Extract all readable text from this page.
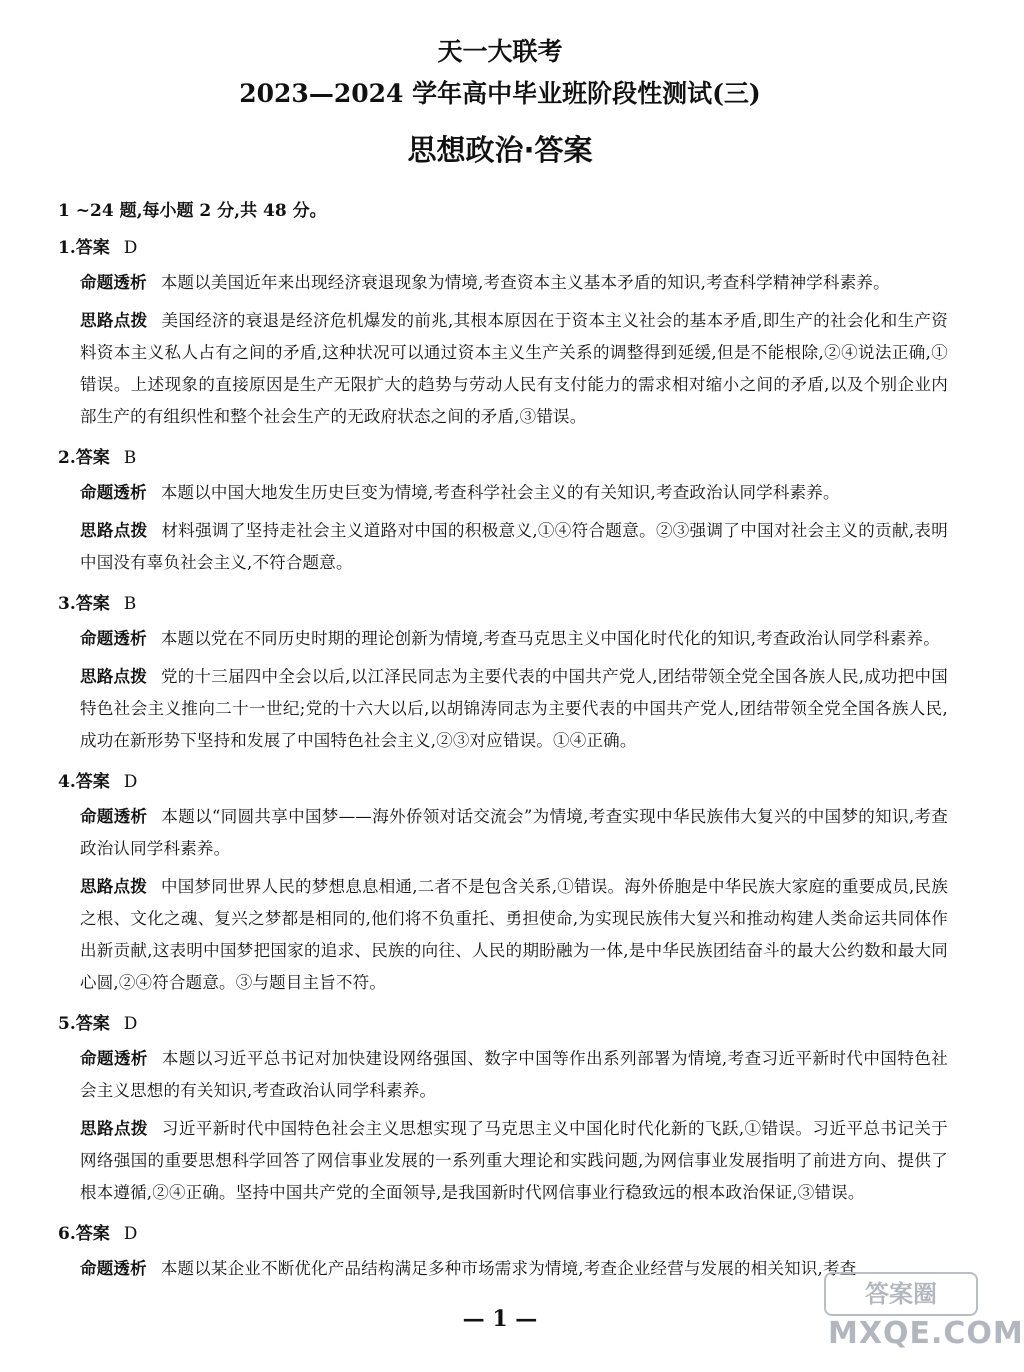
天一大联考
2023—2024 学年高中毕业班阶段性测试(三)
思想政治·答案
1 ~24 题,每小题 2 分,共 48 分。
1.答案 D
命题透析 本题以美国近年来出现经济衰退现象为情境,考查资本主义基本矛盾的知识,考查科学精神学科素养。
思路点拨 美国经济的衰退是经济危机爆发的前兆,其根本原因在于资本主义社会的基本矛盾,即生产的社会化和生产资料资本主义私人占有之间的矛盾,这种状况可以通过资本主义生产关系的调整得到延缓,但是不能根除,②④说法正确,①错误。上述现象的直接原因是生产无限扩大的趋势与劳动人民有支付能力的需求相对缩小之间的矛盾,以及个别企业内部生产的有组织性和整个社会生产的无政府状态之间的矛盾,③错误。
2.答案 B
命题透析 本题以中国大地发生历史巨变为情境,考查科学社会主义的有关知识,考查政治认同学科素养。
思路点拨 材料强调了坚持走社会主义道路对中国的积极意义,①④符合题意。②③强调了中国对社会主义的贡献,表明中国没有辜负社会主义,不符合题意。
3.答案 B
命题透析 本题以党在不同历史时期的理论创新为情境,考查马克思主义中国化时代化的知识,考查政治认同学科素养。
思路点拨 党的十三届四中全会以后,以江泽民同志为主要代表的中国共产党人,团结带领全党全国各族人民,成功把中国特色社会主义推向二十一世纪;党的十六大以后,以胡锦涛同志为主要代表的中国共产党人,团结带领全党全国各族人民,成功在新形势下坚持和发展了中国特色社会主义,②③对应错误。①④正确。
4.答案 D
命题透析 本题以“同圆共享中国梦——海外侨领对话交流会”为情境,考查实现中华民族伟大复兴的中国梦的知识,考查政治认同学科素养。
思路点拨 中国梦同世界人民的梦想息息相通,二者不是包含关系,①错误。海外侨胞是中华民族大家庭的重要成员,民族之根、文化之魂、复兴之梦都是相同的,他们将不负重托、勇担使命,为实现民族伟大复兴和推动构建人类命运共同体作出新贡献,这表明中国梦把国家的追求、民族的向往、人民的期盼融为一体,是中华民族团结奋斗的最大公约数和最大同心圆,②④符合题意。③与题目主旨不符。
5.答案 D
命题透析 本题以习近平总书记对加快建设网络强国、数字中国等作出系列部署为情境,考查习近平新时代中国特色社会主义思想的有关知识,考查政治认同学科素养。
思路点拨 习近平新时代中国特色社会主义思想实现了马克思主义中国化时代化新的飞跃,①错误。习近平总书记关于网络强国的重要思想科学回答了网信事业发展的一系列重大理论和实践问题,为网信事业发展指明了前进方向、提供了根本遵循,②④正确。坚持中国共产党的全面领导,是我国新时代网信事业行稳致远的根本政治保证,③错误。
6.答案 D
命题透析 本题以某企业不断优化产品结构满足多种市场需求为情境,考查企业经营与发展的相关知识,考查
— 1 —
答案圈
MXQE.COM
